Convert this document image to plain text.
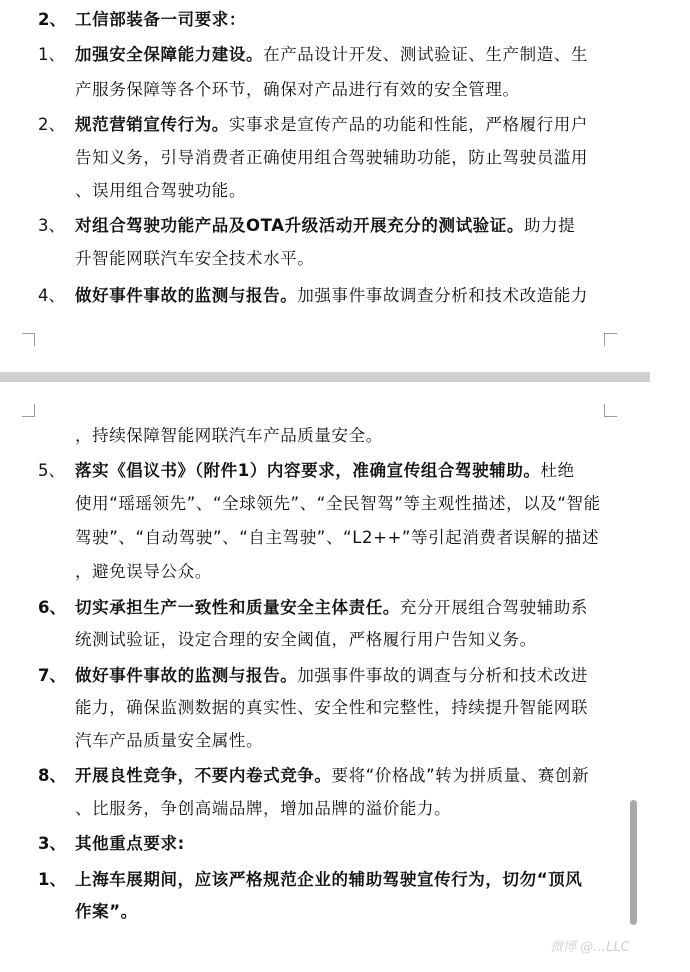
2、 工信部装备一司要求：
1、 加强安全保障能力建设。在产品设计开发、测试验证、生产制造、生
产服务保障等各个环节，确保对产品进行有效的安全管理。
2、 规范营销宣传行为。实事求是宣传产品的功能和性能，严格履行用户
告知义务，引导消费者正确使用组合驾驶辅助功能，防止驾驶员滥用
、误用组合驾驶功能。
3、 对组合驾驶功能产品及OTA升级活动开展充分的测试验证。助力提
升智能网联汽车安全技术水平。
4、 做好事件事故的监测与报告。加强事件事故调查分析和技术改造能力
，持续保障智能网联汽车产品质量安全。
5、 落实《倡议书》（附件1）内容要求，准确宣传组合驾驶辅助。杜绝
使用“瑶瑶领先”、“全球领先”、“全民智驾”等主观性描述，以及“智能
驾驶”、“自动驾驶”、“自主驾驶”、“L2++”等引起消费者误解的描述
，避免误导公众。
6、 切实承担生产一致性和质量安全主体责任。充分开展组合驾驶辅助系
统测试验证，设定合理的安全阈值，严格履行用户告知义务。
7、 做好事件事故的监测与报告。加强事件事故的调查与分析和技术改进
能力，确保监测数据的真实性、安全性和完整性，持续提升智能网联
汽车产品质量安全属性。
8、 开展良性竞争，不要内卷式竞争。要将“价格战”转为拼质量、赛创新
、比服务，争创高端品牌，增加品牌的溢价能力。
3、 其他重点要求:
1、 上海车展期间，应该严格规范企业的辅助驾驶宣传行为，切勿“顶风
作案”。
微博 @…LLC
